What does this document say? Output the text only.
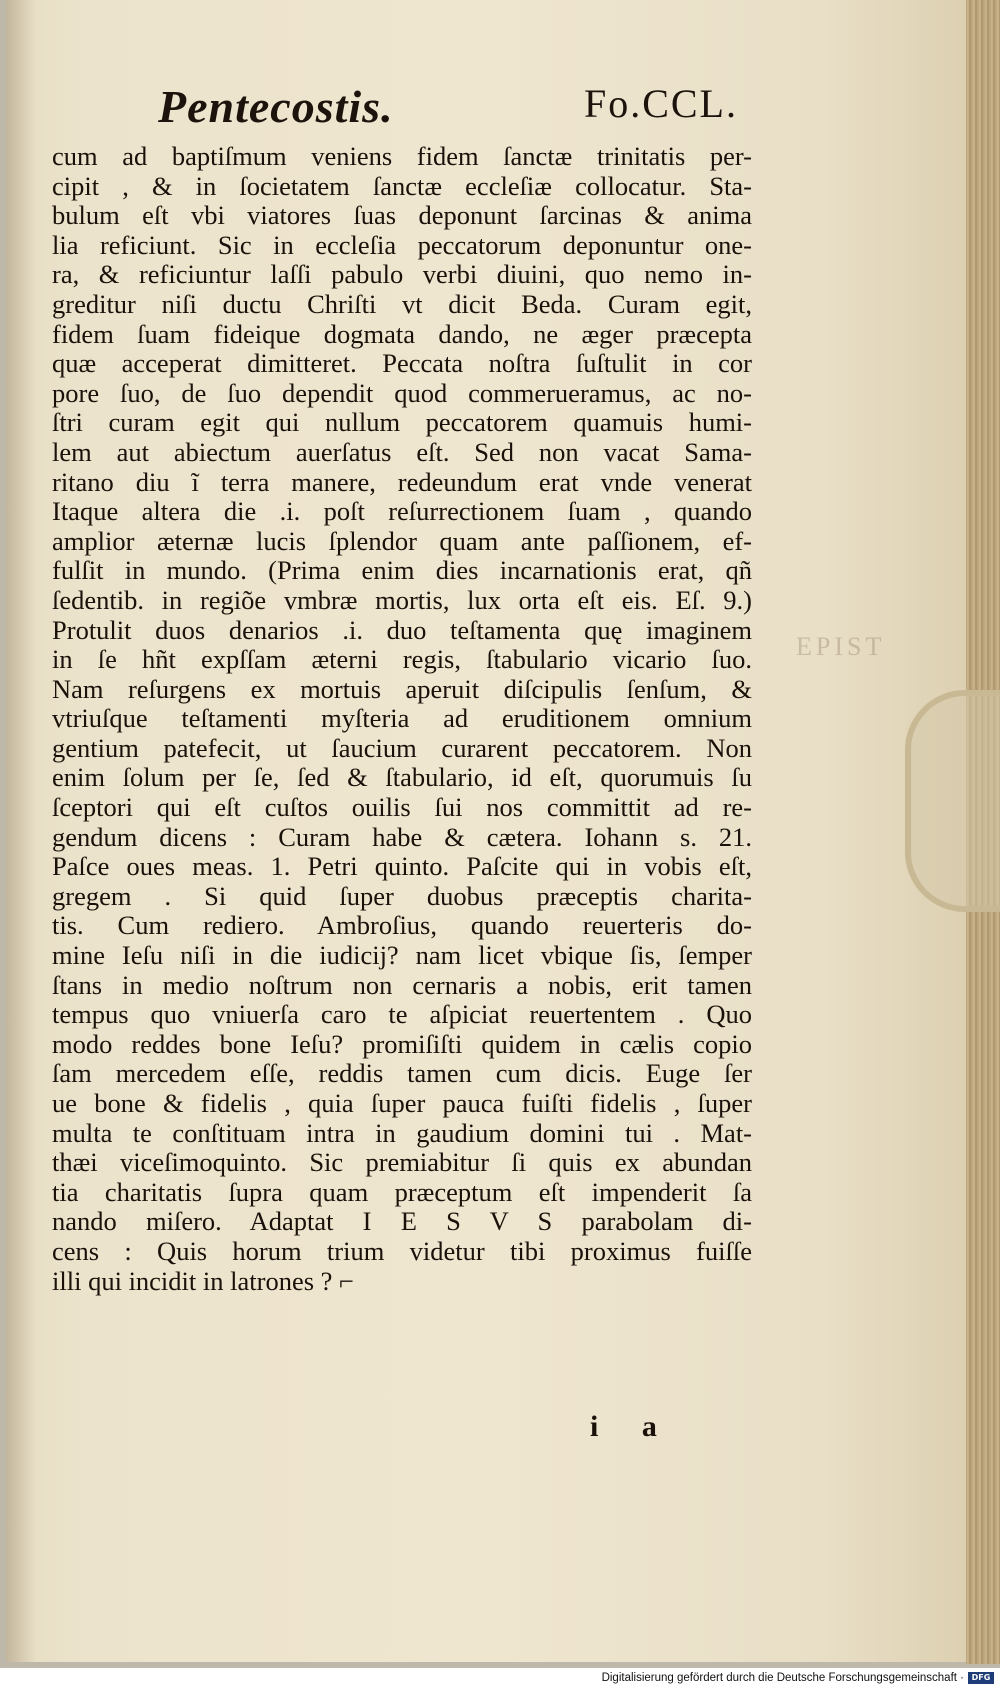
EPIST
Pentecostis.	Fo.CCL.
cum ad baptiſmum veniens fidem ſanctæ trinitatis per-
cipit , & in ſocietatem ſanctæ eccleſiæ collocatur. Sta-
bulum eſt vbi viatores ſuas deponunt ſarcinas & anima
lia reficiunt. Sic in eccleſia peccatorum deponuntur one-
ra, & reficiuntur laſſi pabulo verbi diuini, quo nemo in-
greditur niſi ductu Chriſti vt dicit Beda. Curam egit,
fidem ſuam fideique dogmata dando, ne æger præcepta
quæ acceperat dimitteret. Peccata noſtra ſuſtulit in cor
pore ſuo, de ſuo dependit quod commerueramus, ac no-
ſtri curam egit qui nullum peccatorem quamuis humi-
lem aut abiectum auerſatus eſt. Sed non vacat Sama-
ritano diu ĩ terra manere, redeundum erat vnde venerat
Itaque altera die .i. poſt reſurrectionem ſuam , quando
amplior æternæ lucis ſplendor quam ante paſſionem, ef-
fulſit in mundo. (Prima enim dies incarnationis erat, qñ
ſedentib. in regiõe vmbræ mortis, lux orta eſt eis. Eſ. 9.)
Protulit duos denarios .i. duo teſtamenta quę imaginem
in ſe hñt expſſam æterni regis, ſtabulario vicario ſuo.
Nam reſurgens ex mortuis aperuit diſcipulis ſenſum, &
vtriuſque teſtamenti myſteria ad eruditionem omnium
gentium patefecit, ut ſaucium curarent peccatorem. Non
enim ſolum per ſe, ſed & ſtabulario, id eſt, quorumuis ſu
ſceptori qui eſt cuſtos ouilis ſui nos committit ad re-
gendum dicens : Curam habe & cætera. Iohann s. 21.
Paſce oues meas. 1. Petri quinto. Paſcite qui in vobis eſt,
gregem . Si quid ſuper duobus præceptis charita-
tis. Cum rediero. Ambroſius, quando reuerteris do-
mine Ieſu niſi in die iudicij? nam licet vbique ſis, ſemper
ſtans in medio noſtrum non cernaris a nobis, erit tamen
tempus quo vniuerſa caro te aſpiciat reuertentem . Quo
modo reddes bone Ieſu? promiſiſti quidem in cælis copio
ſam mercedem eſſe, reddis tamen cum dicis. Euge ſer
ue bone & fidelis , quia ſuper pauca fuiſti fidelis , ſuper
multa te conſtituam intra in gaudium domini tui . Mat-
thæi viceſimoquinto. Sic premiabitur ſi quis ex abundan
tia charitatis ſupra quam præceptum eſt impenderit ſa
nando miſero. Adaptat I E S V S parabolam di-
cens : Quis horum trium videtur tibi proximus fuiſſe
illi qui incidit in latrones ? ⌐
i a
Digitalisierung gefördert durch die Deutsche Forschungsgemeinschaft · DFG
